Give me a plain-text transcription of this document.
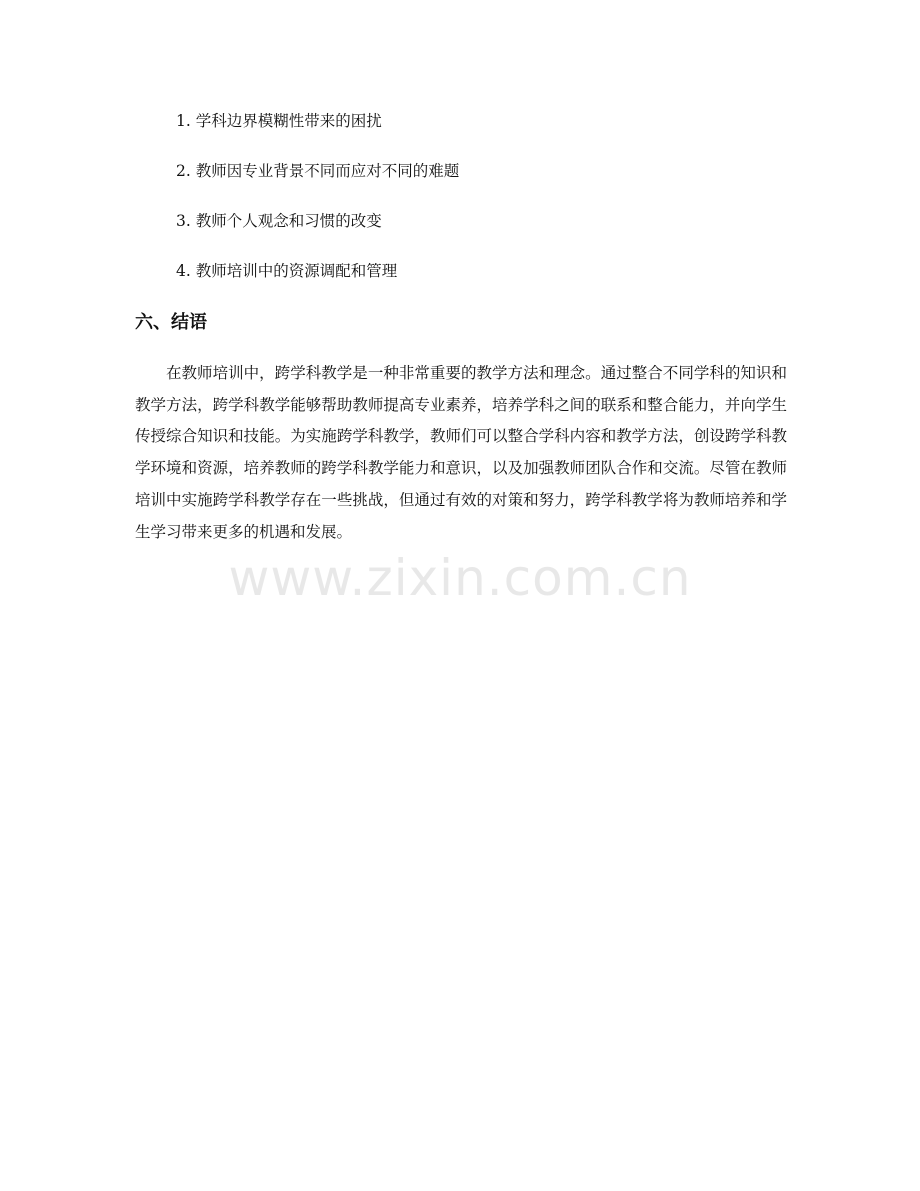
1. 学科边界模糊性带来的困扰
2. 教师因专业背景不同而应对不同的难题
3. 教师个人观念和习惯的改变
4. 教师培训中的资源调配和管理
六、结语

在教师培训中，跨学科教学是一种非常重要的教学方法和理念。通过整合不同学科的知识和教学方法，跨学科教学能够帮助教师提高专业素养，培养学科之间的联系和整合能力，并向学生传授综合知识和技能。为实施跨学科教学，教师们可以整合学科内容和教学方法，创设跨学科教学环境和资源，培养教师的跨学科教学能力和意识，以及加强教师团队合作和交流。尽管在教师培训中实施跨学科教学存在一些挑战，但通过有效的对策和努力，跨学科教学将为教师培养和学生学习带来更多的机遇和发展。

www.zixin.com.cn
